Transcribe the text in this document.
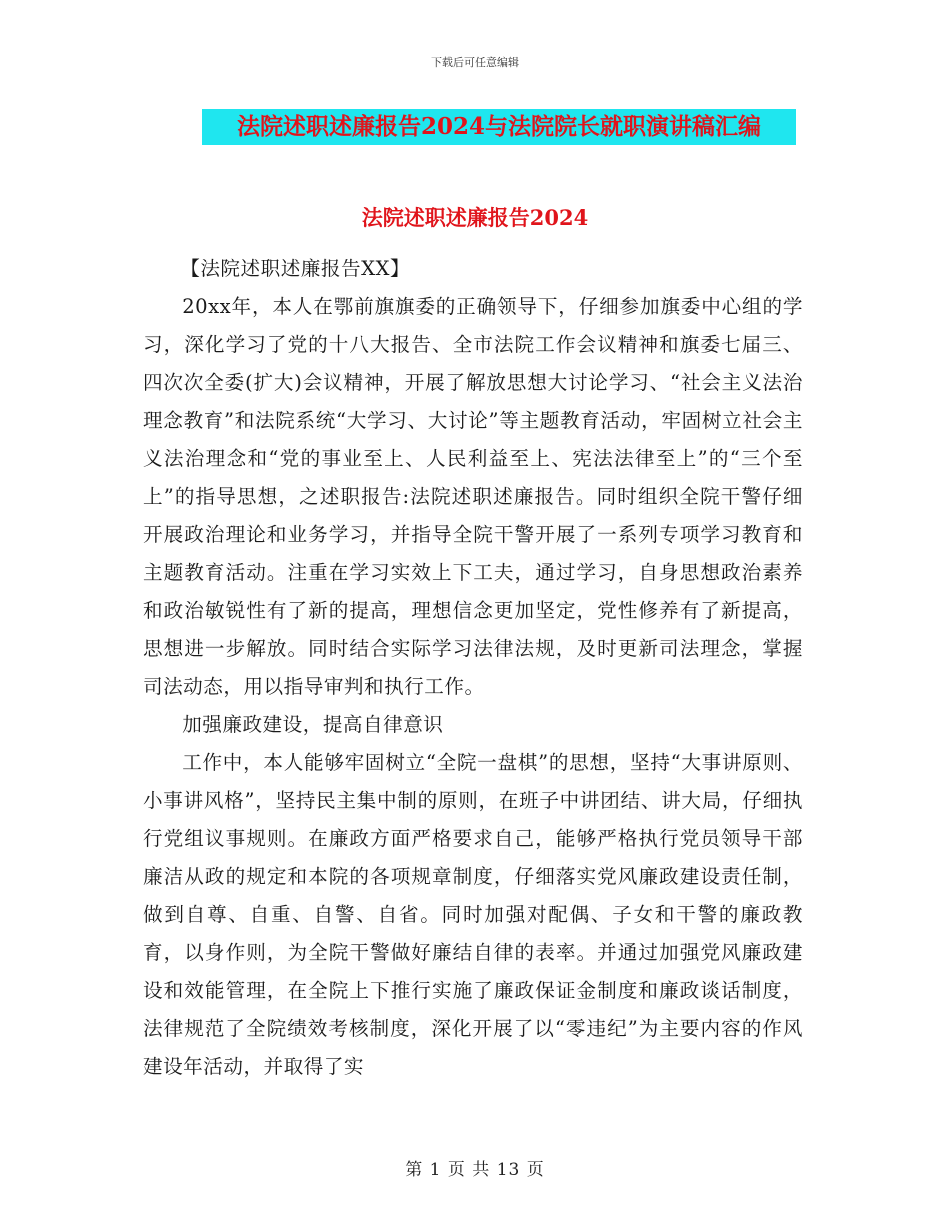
下载后可任意编辑
法院述职述廉报告2024与法院院长就职演讲稿汇编
法院述职述廉报告2024

【法院述职述廉报告XX】

20xx年，本人在鄂前旗旗委的正确领导下，仔细参加旗委中心组的学习，深化学习了党的十八大报告、全市法院工作会议精神和旗委七届三、四次次全委(扩大)会议精神，开展了解放思想大讨论学习、“社会主义法治理念教育”和法院系统“大学习、大讨论”等主题教育活动，牢固树立社会主义法治理念和“党的事业至上、人民利益至上、宪法法律至上”的“三个至上”的指导思想，之述职报告:法院述职述廉报告。同时组织全院干警仔细开展政治理论和业务学习，并指导全院干警开展了一系列专项学习教育和主题教育活动。注重在学习实效上下工夫，通过学习，自身思想政治素养和政治敏锐性有了新的提高，理想信念更加坚定，党性修养有了新提高，思想进一步解放。同时结合实际学习法律法规，及时更新司法理念，掌握司法动态，用以指导审判和执行工作。

加强廉政建设，提高自律意识

工作中，本人能够牢固树立“全院一盘棋”的思想，坚持“大事讲原则、小事讲风格”，坚持民主集中制的原则，在班子中讲团结、讲大局，仔细执行党组议事规则。在廉政方面严格要求自己，能够严格执行党员领导干部廉洁从政的规定和本院的各项规章制度，仔细落实党风廉政建设责任制，做到自尊、自重、自警、自省。同时加强对配偶、子女和干警的廉政教育，以身作则，为全院干警做好廉结自律的表率。并通过加强党风廉政建设和效能管理，在全院上下推行实施了廉政保证金制度和廉政谈话制度，法律规范了全院绩效考核制度，深化开展了以“零违纪”为主要内容的作风建设年活动，并取得了实

第 1 页 共 13 页
